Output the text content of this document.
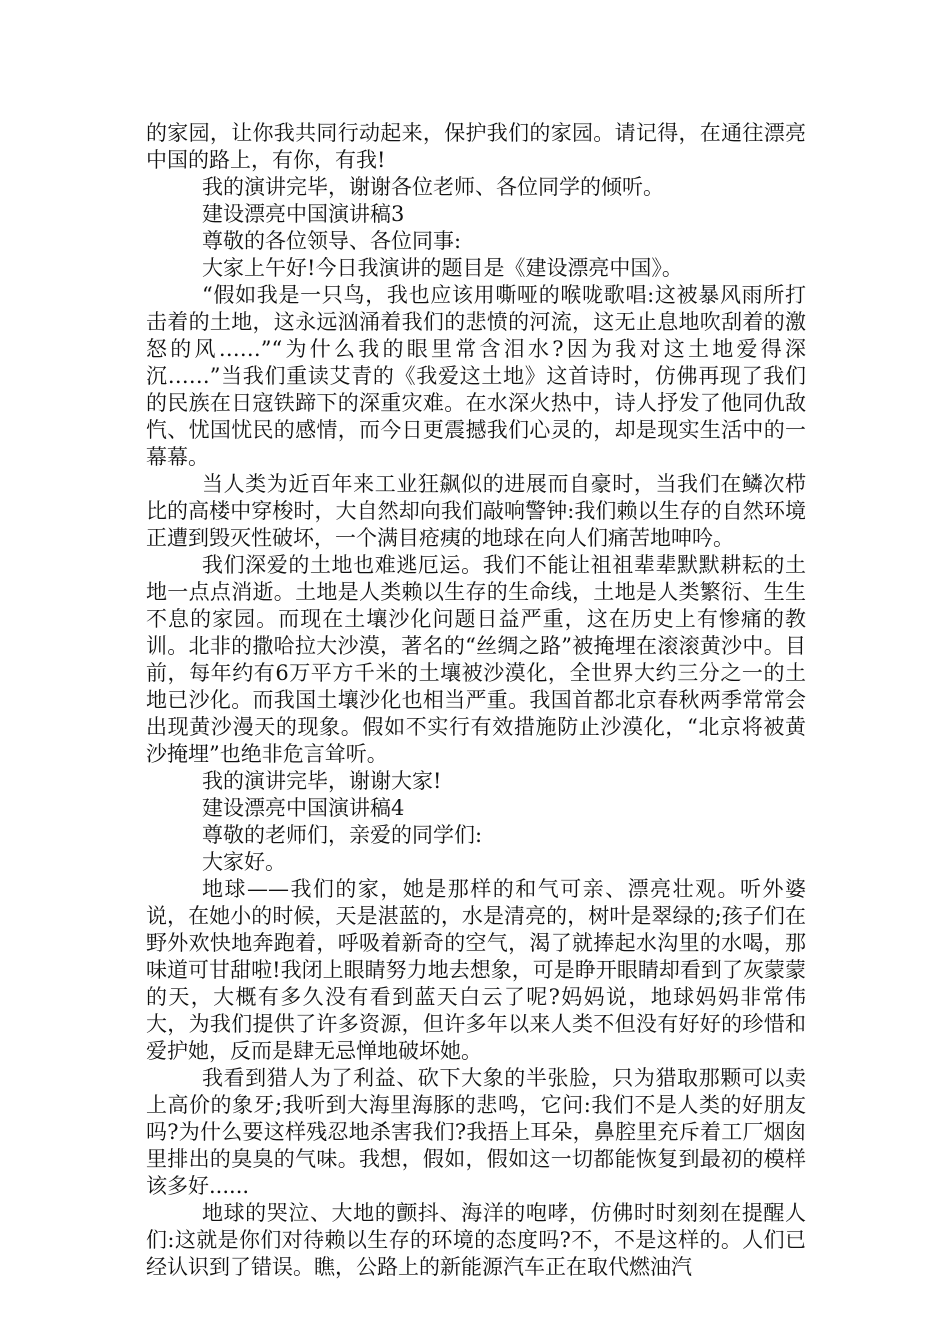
的家园，让你我共同行动起来，保护我们的家园。请记得，在通往漂亮中国的路上，有你，有我!

我的演讲完毕，谢谢各位老师、各位同学的倾听。

建设漂亮中国演讲稿3

尊敬的各位领导、各位同事:

大家上午好!今日我演讲的题目是《建设漂亮中国》。

“假如我是一只鸟，我也应该用嘶哑的喉咙歌唱:这被暴风雨所打击着的土地，这永远汹涌着我们的悲愤的河流，这无止息地吹刮着的激怒的风……”“为什么我的眼里常含泪水?因为我对这土地爱得深沉……”当我们重读艾青的《我爱这土地》这首诗时，仿佛再现了我们的民族在日寇铁蹄下的深重灾难。在水深火热中，诗人抒发了他同仇敌忾、忧国忧民的感情，而今日更震撼我们心灵的，却是现实生活中的一幕幕。

当人类为近百年来工业狂飙似的进展而自豪时，当我们在鳞次栉比的高楼中穿梭时，大自然却向我们敲响警钟:我们赖以生存的自然环境正遭到毁灭性破坏，一个满目疮痍的地球在向人们痛苦地呻吟。

我们深爱的土地也难逃厄运。我们不能让祖祖辈辈默默耕耘的土地一点点消逝。土地是人类赖以生存的生命线，土地是人类繁衍、生生不息的家园。而现在土壤沙化问题日益严重，这在历史上有惨痛的教训。北非的撒哈拉大沙漠，著名的“丝绸之路”被掩埋在滚滚黄沙中。目前，每年约有6万平方千米的土壤被沙漠化，全世界大约三分之一的土地已沙化。而我国土壤沙化也相当严重。我国首都北京春秋两季常常会出现黄沙漫天的现象。假如不实行有效措施防止沙漠化，“北京将被黄沙掩埋”也绝非危言耸听。

我的演讲完毕，谢谢大家!

建设漂亮中国演讲稿4

尊敬的老师们，亲爱的同学们:

大家好。

地球——我们的家，她是那样的和气可亲、漂亮壮观。听外婆说，在她小的时候，天是湛蓝的，水是清亮的，树叶是翠绿的;孩子们在野外欢快地奔跑着，呼吸着新奇的空气，渴了就捧起水沟里的水喝，那味道可甘甜啦!我闭上眼睛努力地去想象，可是睁开眼睛却看到了灰蒙蒙的天，大概有多久没有看到蓝天白云了呢?妈妈说，地球妈妈非常伟大，为我们提供了许多资源，但许多年以来人类不但没有好好的珍惜和爱护她，反而是肆无忌惮地破坏她。

我看到猎人为了利益、砍下大象的半张脸，只为猎取那颗可以卖上高价的象牙;我听到大海里海豚的悲鸣，它问:我们不是人类的好朋友吗?为什么要这样残忍地杀害我们?我捂上耳朵，鼻腔里充斥着工厂烟囱里排出的臭臭的气味。我想，假如，假如这一切都能恢复到最初的模样该多好......

地球的哭泣、大地的颤抖、海洋的咆哮，仿佛时时刻刻在提醒人们:这就是你们对待赖以生存的环境的态度吗?不，不是这样的。人们已经认识到了错误。瞧，公路上的新能源汽车正在取代燃油汽
